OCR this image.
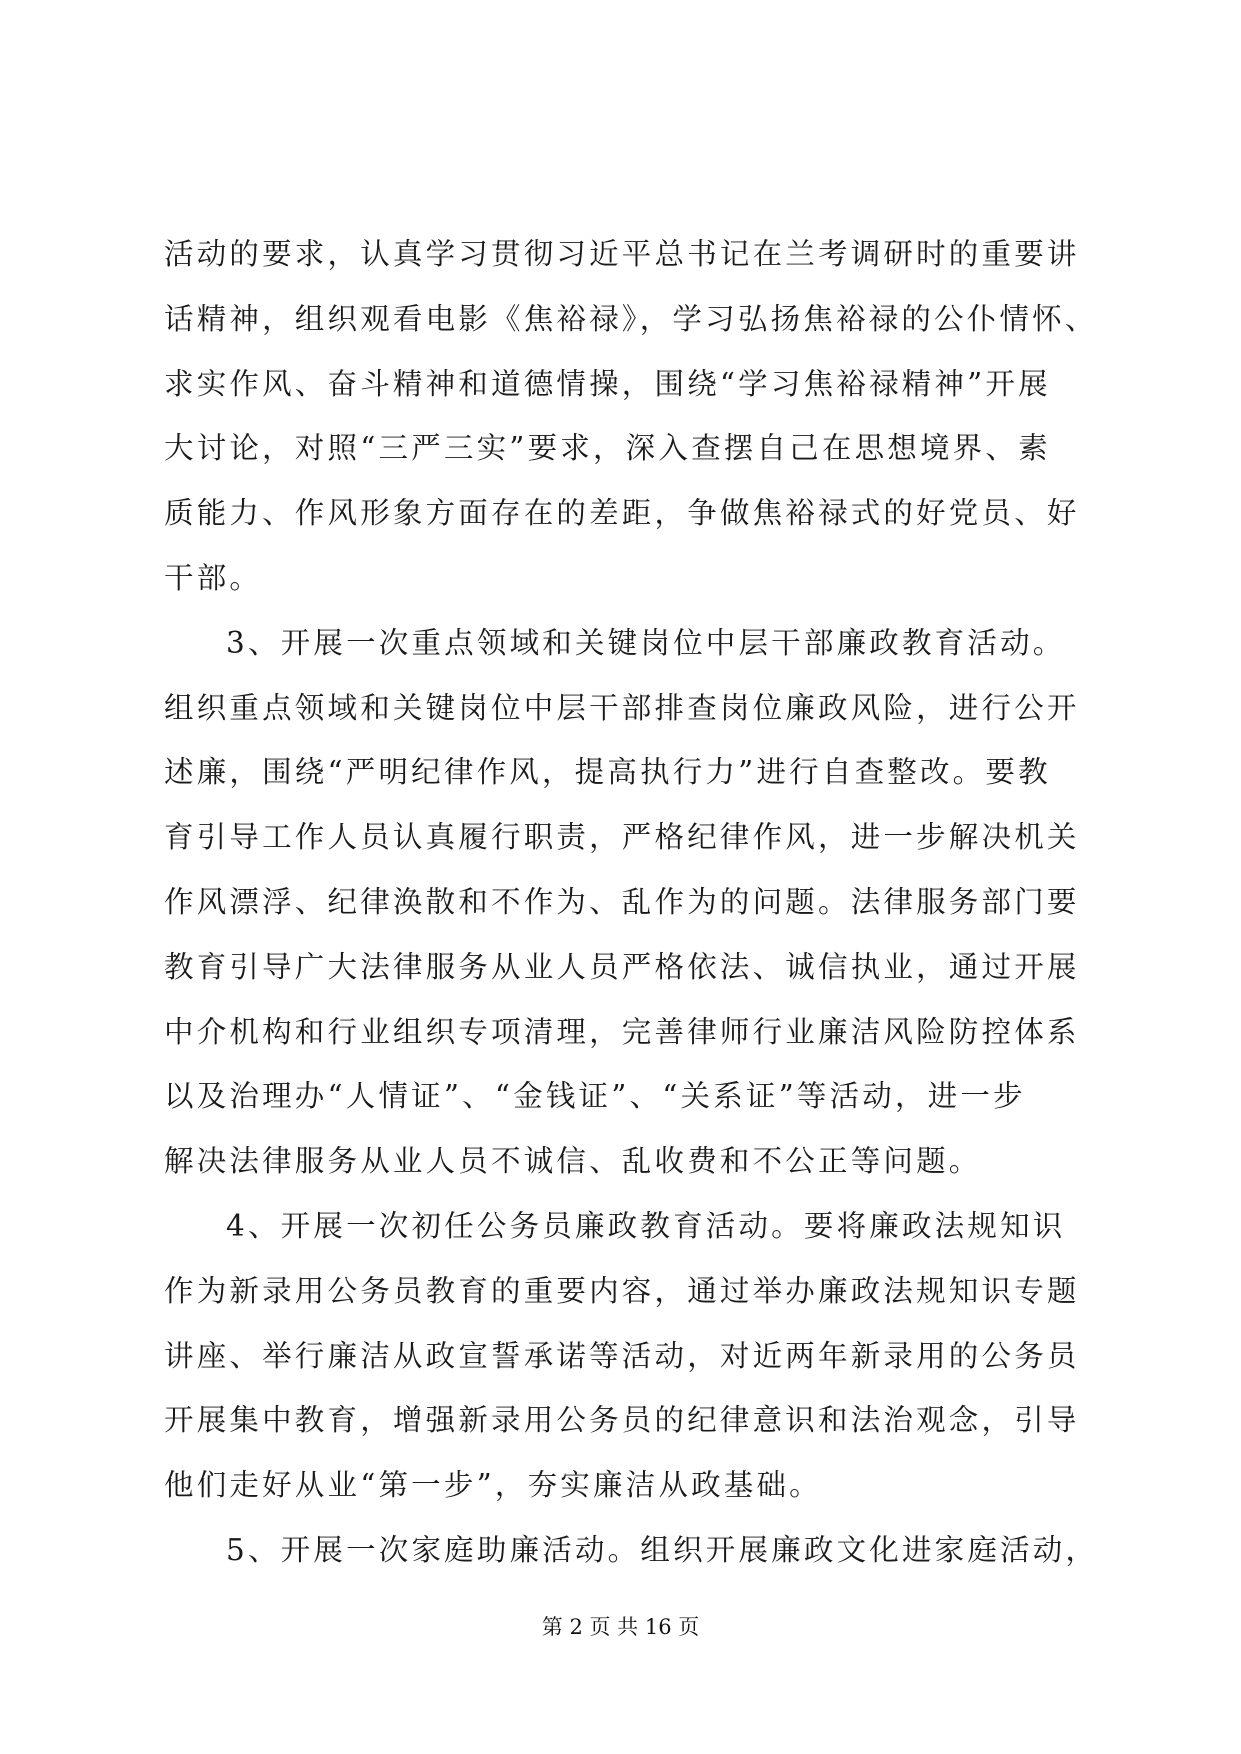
活动的要求，认真学习贯彻习近平总书记在兰考调研时的重要讲
话精神，组织观看电影《焦裕禄》，学习弘扬焦裕禄的公仆情怀、
求实作风、奋斗精神和道德情操，围绕“学习焦裕禄精神”开展
大讨论，对照“三严三实”要求，深入查摆自己在思想境界、素
质能力、作风形象方面存在的差距，争做焦裕禄式的好党员、好
干部。
3、开展一次重点领域和关键岗位中层干部廉政教育活动。
组织重点领域和关键岗位中层干部排查岗位廉政风险，进行公开
述廉，围绕“严明纪律作风，提高执行力”进行自查整改。要教
育引导工作人员认真履行职责，严格纪律作风，进一步解决机关
作风漂浮、纪律涣散和不作为、乱作为的问题。法律服务部门要
教育引导广大法律服务从业人员严格依法、诚信执业，通过开展
中介机构和行业组织专项清理，完善律师行业廉洁风险防控体系
以及治理办“人情证”、“金钱证”、“关系证”等活动，进一步
解决法律服务从业人员不诚信、乱收费和不公正等问题。
4、开展一次初任公务员廉政教育活动。要将廉政法规知识
作为新录用公务员教育的重要内容，通过举办廉政法规知识专题
讲座、举行廉洁从政宣誓承诺等活动，对近两年新录用的公务员
开展集中教育，增强新录用公务员的纪律意识和法治观念，引导
他们走好从业“第一步”，夯实廉洁从政基础。
5、开展一次家庭助廉活动。组织开展廉政文化进家庭活动，
第 2 页 共 16 页
